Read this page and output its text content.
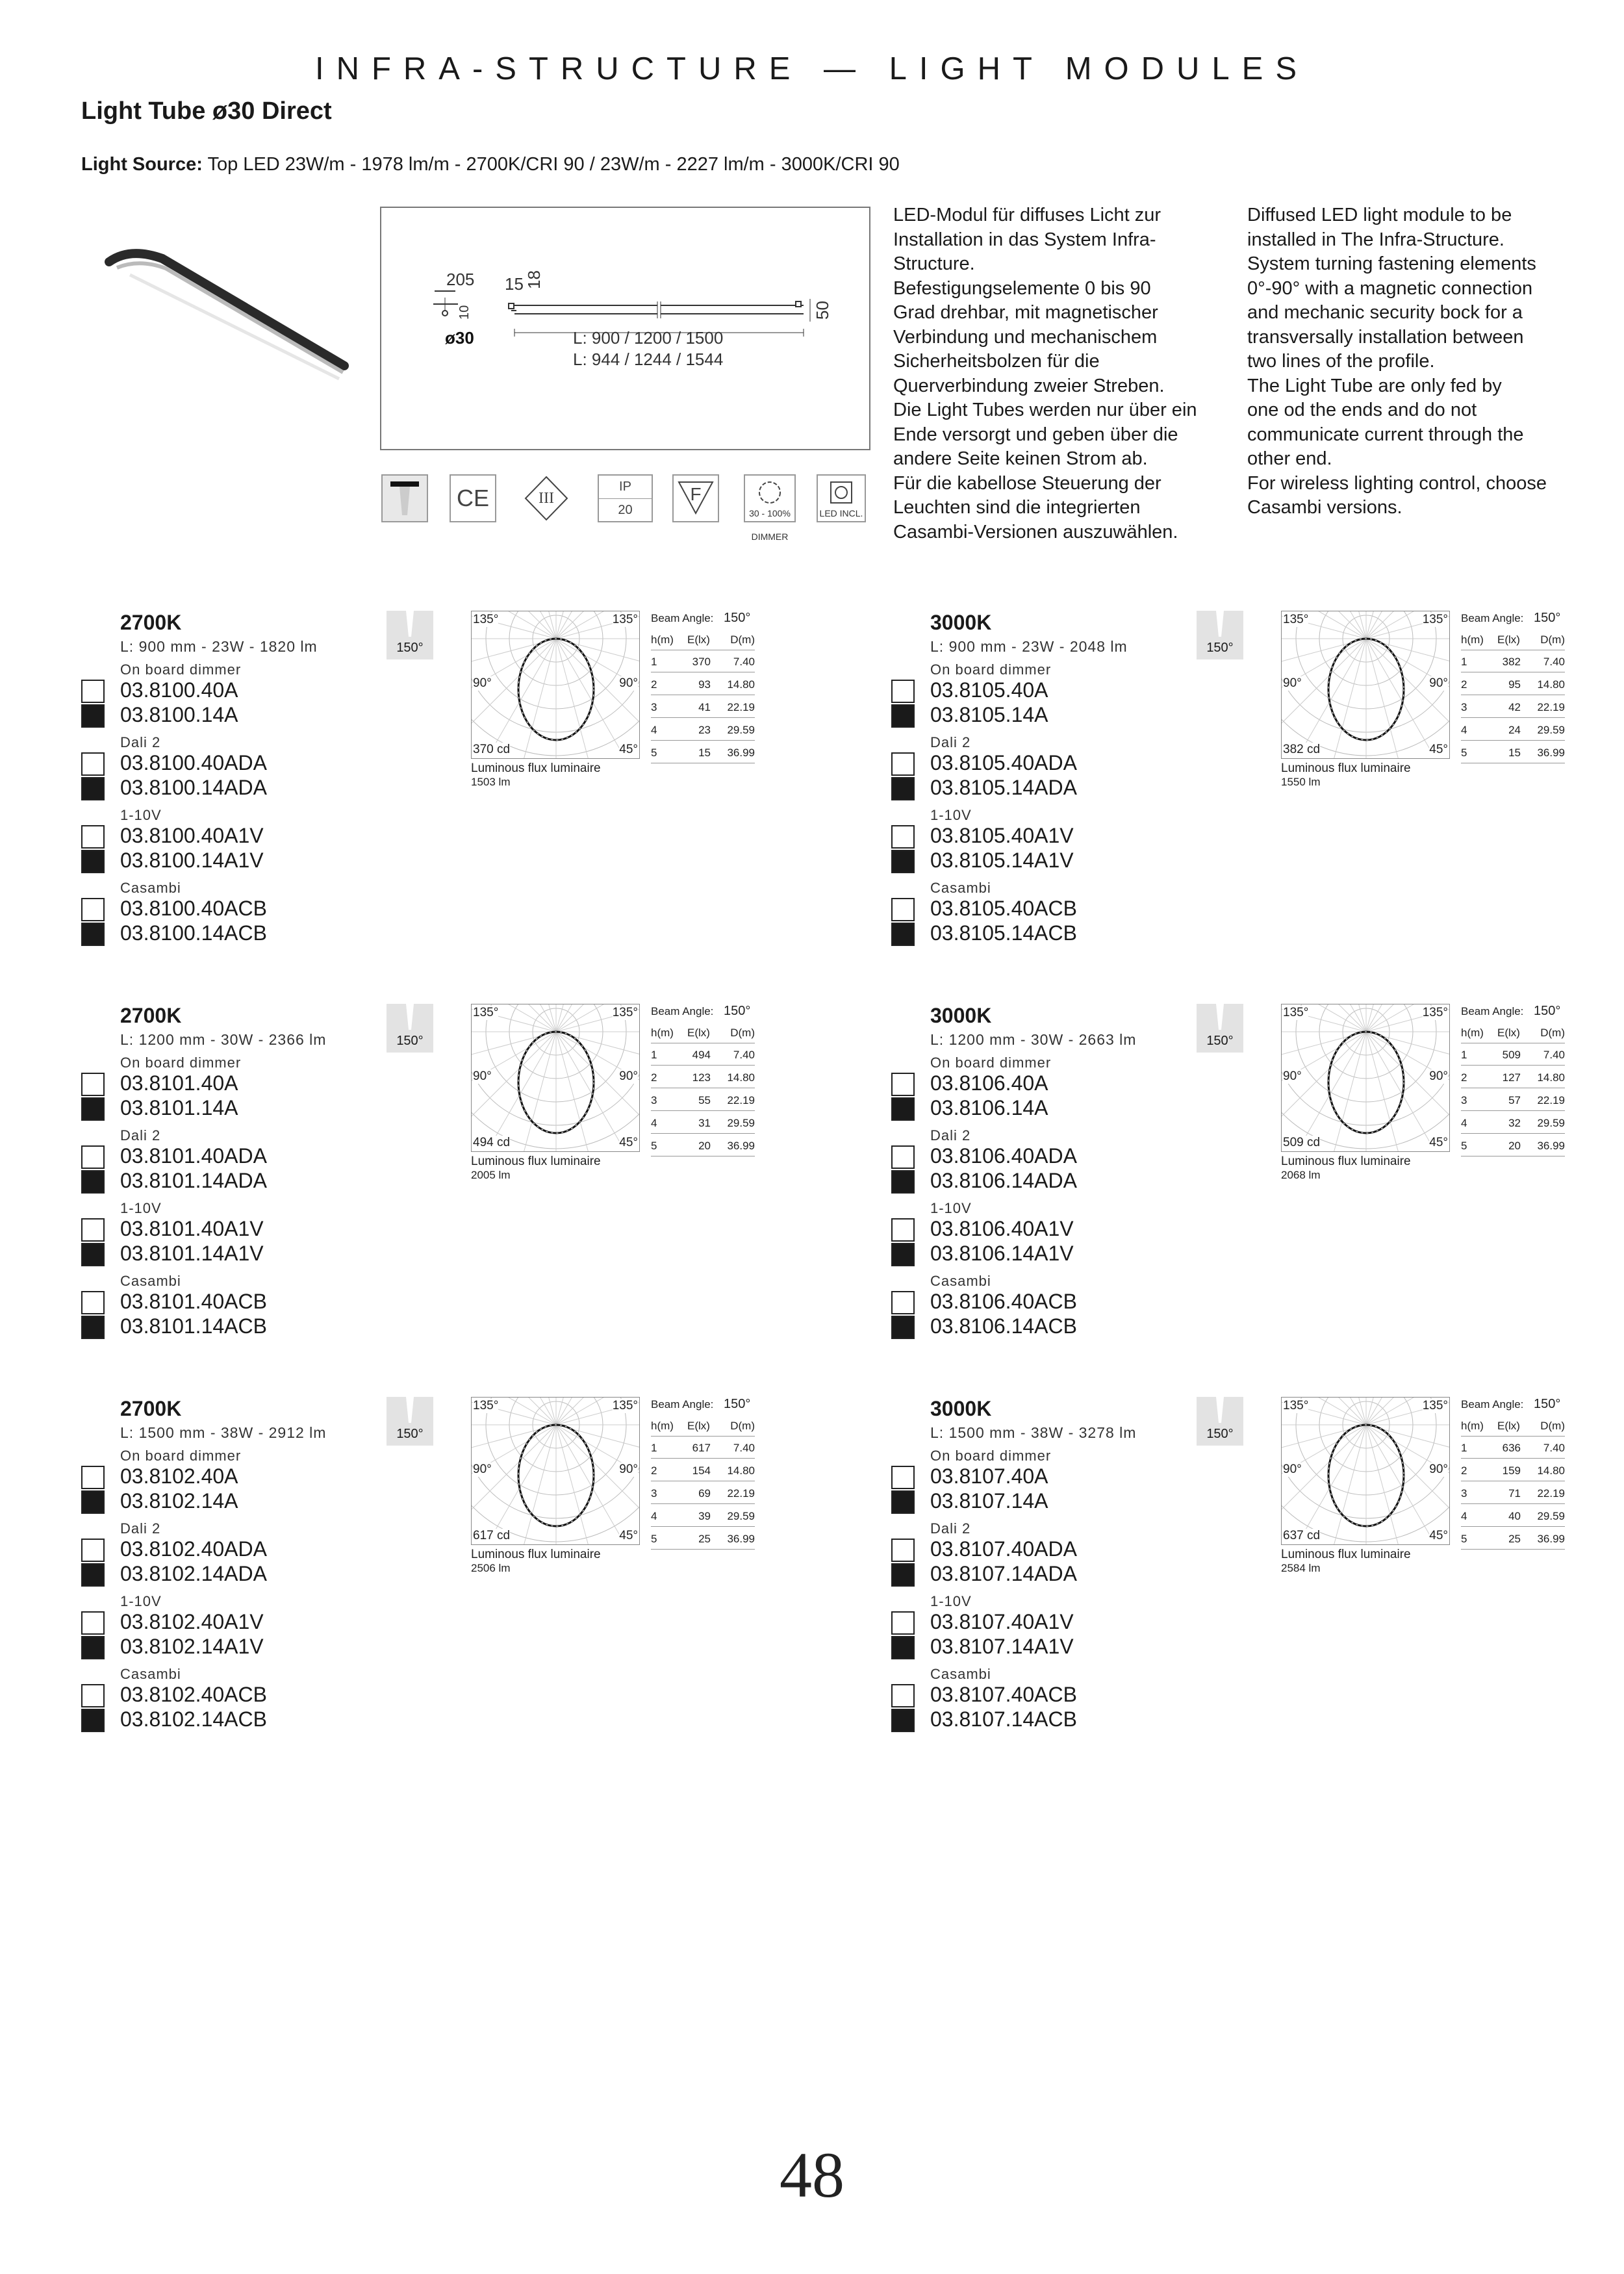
INFRA-STRUCTURE — LIGHT MODULES
Light Tube ø30 Direct
Light Source: Top LED 23W/m - 1978 lm/m - 2700K/CRI 90 / 23W/m - 2227 lm/m - 3000K/CRI 90
205 15 18
10	50
ø30	L: 900 / 1200 / 1500
L: 944 / 1244 / 1544
LED-Modul für diffuses Licht zur
Installation in das System Infra-
Structure.
Befestigungselemente 0 bis 90
Grad drehbar, mit magnetischer
Verbindung und mechanischem
Sicherheitsbolzen für die
Querverbindung zweier Streben.
Die Light Tubes werden nur über ein
Ende versorgt und geben über die
andere Seite keinen Strom ab.
Für die kabellose Steuerung der
Leuchten sind die integrierten
Casambi-Versionen auszuwählen.
Diffused LED light module to be
installed in The Infra-Structure.
System turning fastening elements
0°-90° with a magnetic connection
and mechanic security bock for a
transversally installation between
two lines of the profile.
The Light Tube are only fed by
one od the ends and do not
communicate current through the
other end.
For wireless lighting control, choose
Casambi versions.
CE	III
IP
20
F
30 - 100%
DIMMER
LED INCL.
2700K
L: 900 mm - 23W - 1820 lm
On board dimmer
03.8100.40A
03.8100.14A
Dali 2
03.8100.40ADA
03.8100.14ADA
1-10V
03.8100.40A1V
03.8100.14A1V
Casambi
03.8100.40ACB
03.8100.14ACB
150°
135°	135°
90°	90°
370 cd	45°
Luminous flux luminaire
1503 lm
Beam Angle: 150°
h(m) E(lx) D(m)
1	370 7.40
2	93 14.80
3	41 22.19
4	23 29.59
5	15 36.99
3000K
L: 900 mm - 23W - 2048 lm
On board dimmer
03.8105.40A
03.8105.14A
Dali 2
03.8105.40ADA
03.8105.14ADA
1-10V
03.8105.40A1V
03.8105.14A1V
Casambi
03.8105.40ACB
03.8105.14ACB
150°
135°	135°
90°	90°
382 cd	45°
Luminous flux luminaire
1550 lm
Beam Angle: 150°
h(m) E(lx) D(m)
1	382 7.40
2	95 14.80
3	42 22.19
4	24 29.59
5	15 36.99
2700K
L: 1200 mm - 30W - 2366 lm
On board dimmer
03.8101.40A
03.8101.14A
Dali 2
03.8101.40ADA
03.8101.14ADA
1-10V
03.8101.40A1V
03.8101.14A1V
Casambi
03.8101.40ACB
03.8101.14ACB
150°
135°	135°
90°	90°
494 cd	45°
Luminous flux luminaire
2005 lm
Beam Angle: 150°
h(m) E(lx) D(m)
1	494 7.40
2	123 14.80
3	55 22.19
4	31 29.59
5	20 36.99
3000K
L: 1200 mm - 30W - 2663 lm
On board dimmer
03.8106.40A
03.8106.14A
Dali 2
03.8106.40ADA
03.8106.14ADA
1-10V
03.8106.40A1V
03.8106.14A1V
Casambi
03.8106.40ACB
03.8106.14ACB
150°
135°	135°
90°	90°
509 cd	45°
Luminous flux luminaire
2068 lm
Beam Angle: 150°
h(m) E(lx) D(m)
1	509 7.40
2	127 14.80
3	57 22.19
4	32 29.59
5	20 36.99
2700K
L: 1500 mm - 38W - 2912 lm
On board dimmer
03.8102.40A
03.8102.14A
Dali 2
03.8102.40ADA
03.8102.14ADA
1-10V
03.8102.40A1V
03.8102.14A1V
Casambi
03.8102.40ACB
03.8102.14ACB
150°
135°	135°
90°	90°
617 cd	45°
Luminous flux luminaire
2506 lm
Beam Angle: 150°
h(m) E(lx) D(m)
1	617 7.40
2	154 14.80
3	69 22.19
4	39 29.59
5	25 36.99
3000K
L: 1500 mm - 38W - 3278 lm
On board dimmer
03.8107.40A
03.8107.14A
Dali 2
03.8107.40ADA
03.8107.14ADA
1-10V
03.8107.40A1V
03.8107.14A1V
Casambi
03.8107.40ACB
03.8107.14ACB
150°
135°	135°
90°	90°
637 cd	45°
Luminous flux luminaire
2584 lm
Beam Angle: 150°
h(m) E(lx) D(m)
1	636 7.40
2	159 14.80
3	71 22.19
4	40 29.59
5	25 36.99
48
